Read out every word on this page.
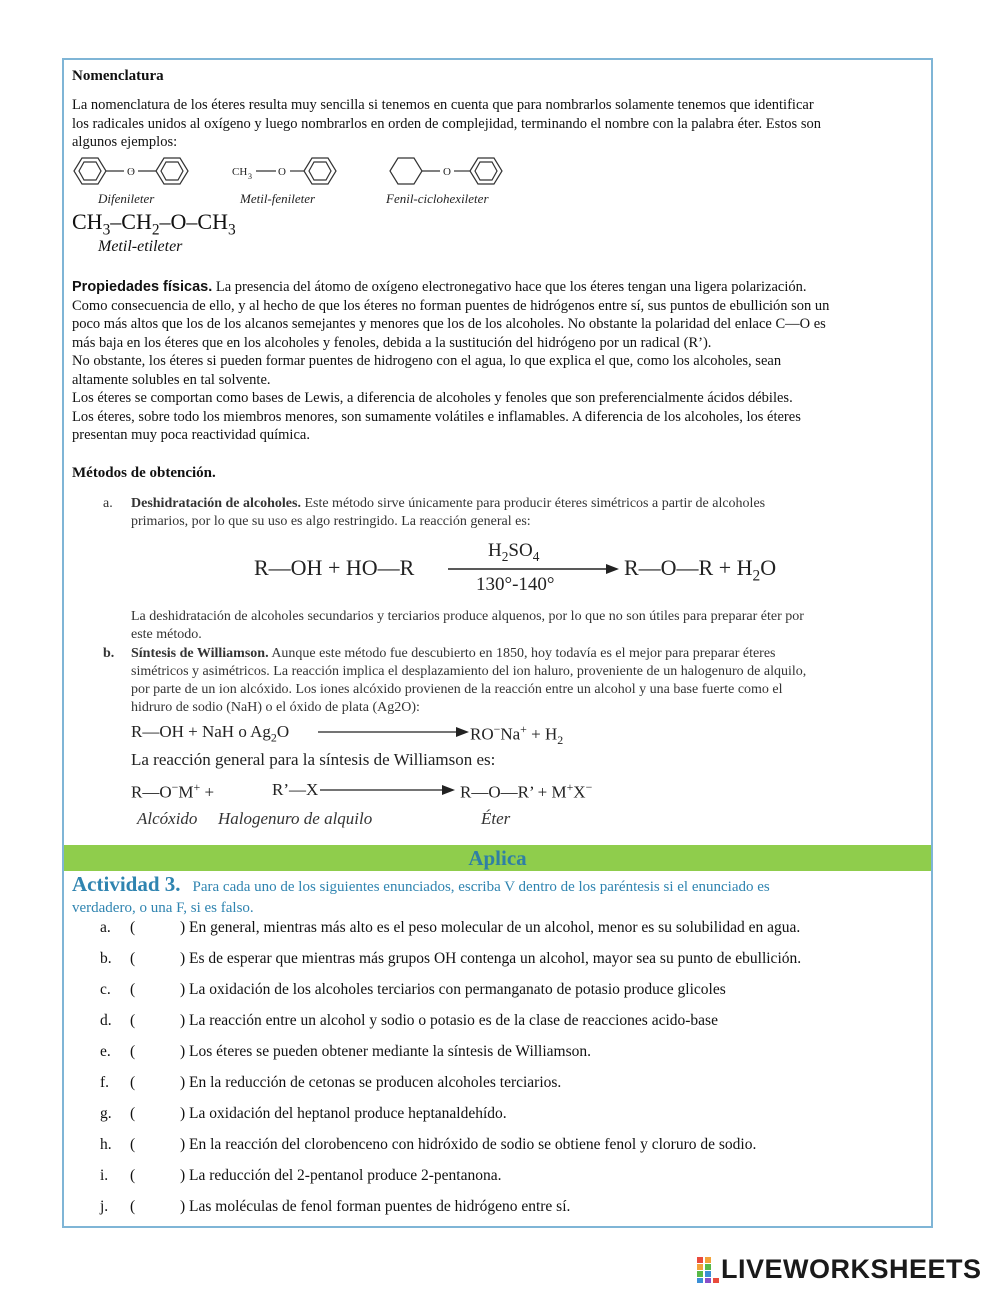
Nomenclatura
La nomenclatura de los éteres resulta muy sencilla si tenemos en cuenta que para nombrarlos solamente tenemos que identificar
los radicales unidos al oxígeno y luego nombrarlos en orden de complejidad, terminando el nombre con la palabra éter. Estos son
algunos ejemplos:
O	CH 3 O	O
Difenileter	Metil-fenileter	Fenil-ciclohexileter
$CH_3-CH_2-O-CH_3$
Metil-etileter
Propiedades físicas. La presencia del átomo de oxígeno electronegativo hace que los éteres tengan una ligera polarización.
Como consecuencia de ello, y al hecho de que los éteres no forman puentes de hidrógenos entre sí, sus puntos de ebullición son un
poco más altos que los de los alcanos semejantes y menores que los de los alcoholes. No obstante la polaridad del enlace C—O es
más baja en los éteres que en los alcoholes y fenoles, debida a la sustitución del hidrógeno por un radical (R’).
No obstante, los éteres si pueden formar puentes de hidrogeno con el agua, lo que explica el que, como los alcoholes, sean
altamente solubles en tal solvente.
Los éteres se comportan como bases de Lewis, a diferencia de alcoholes y fenoles que son preferencialmente ácidos débiles.
Los éteres, sobre todo los miembros menores, son sumamente volátiles e inflamables. A diferencia de los alcoholes, los éteres
presentan muy poca reactividad química.
Métodos de obtención.
a. Deshidratación de alcoholes. Este método sirve únicamente para producir éteres simétricos a partir de alcoholes
primarios, por lo que su uso es algo restringido. La reacción general es:
R—OH + HO—R
$H_2SO_4$
130°-140°
R—O—R + $H_2O$
La deshidratación de alcoholes secundarios y terciarios produce alquenos, por lo que no son útiles para preparar éter por
este método.
b. Síntesis de Williamson. Aunque este método fue descubierto en 1850, hoy todavía es el mejor para preparar éteres
simétricos y asimétricos. La reacción implica el desplazamiento del ion haluro, proveniente de un halogenuro de alquilo,
por parte de un ion alcóxido. Los iones alcóxido provienen de la reacción entre un alcohol y una base fuerte como el
hidruro de sodio (NaH) o el óxido de plata (Ag2O):
R—OH + NaH o $Ag_2O$	$RO^-Na^+ + H_2$
La reacción general para la síntesis de Williamson es:
R—O−M+ +	R’—X	R—O—R’ + M+X−
Alcóxido Halogenuro de alquilo	Éter
Aplica
Actividad 3. Para cada uno de los siguientes enunciados, escriba V dentro de los paréntesis si el enunciado es
verdadero, o una F, si es falso.
a. (	) En general, mientras más alto es el peso molecular de un alcohol, menor es su solubilidad en agua.
b. (	) Es de esperar que mientras más grupos OH contenga un alcohol, mayor sea su punto de ebullición.
c. (	) La oxidación de los alcoholes terciarios con permanganato de potasio produce glicoles
d. (	) La reacción entre un alcohol y sodio o potasio es de la clase de reacciones acido-base
e. (	) Los éteres se pueden obtener mediante la síntesis de Williamson.
f. (	) En la reducción de cetonas se producen alcoholes terciarios.
g. (	) La oxidación del heptanol produce heptanaldehído.
h. (	) En la reacción del clorobenceno con hidróxido de sodio se obtiene fenol y cloruro de sodio.
i. (	) La reducción del 2-pentanol produce 2-pentanona.
j. (	) Las moléculas de fenol forman puentes de hidrógeno entre sí.
LIVEWORKSHEETS
